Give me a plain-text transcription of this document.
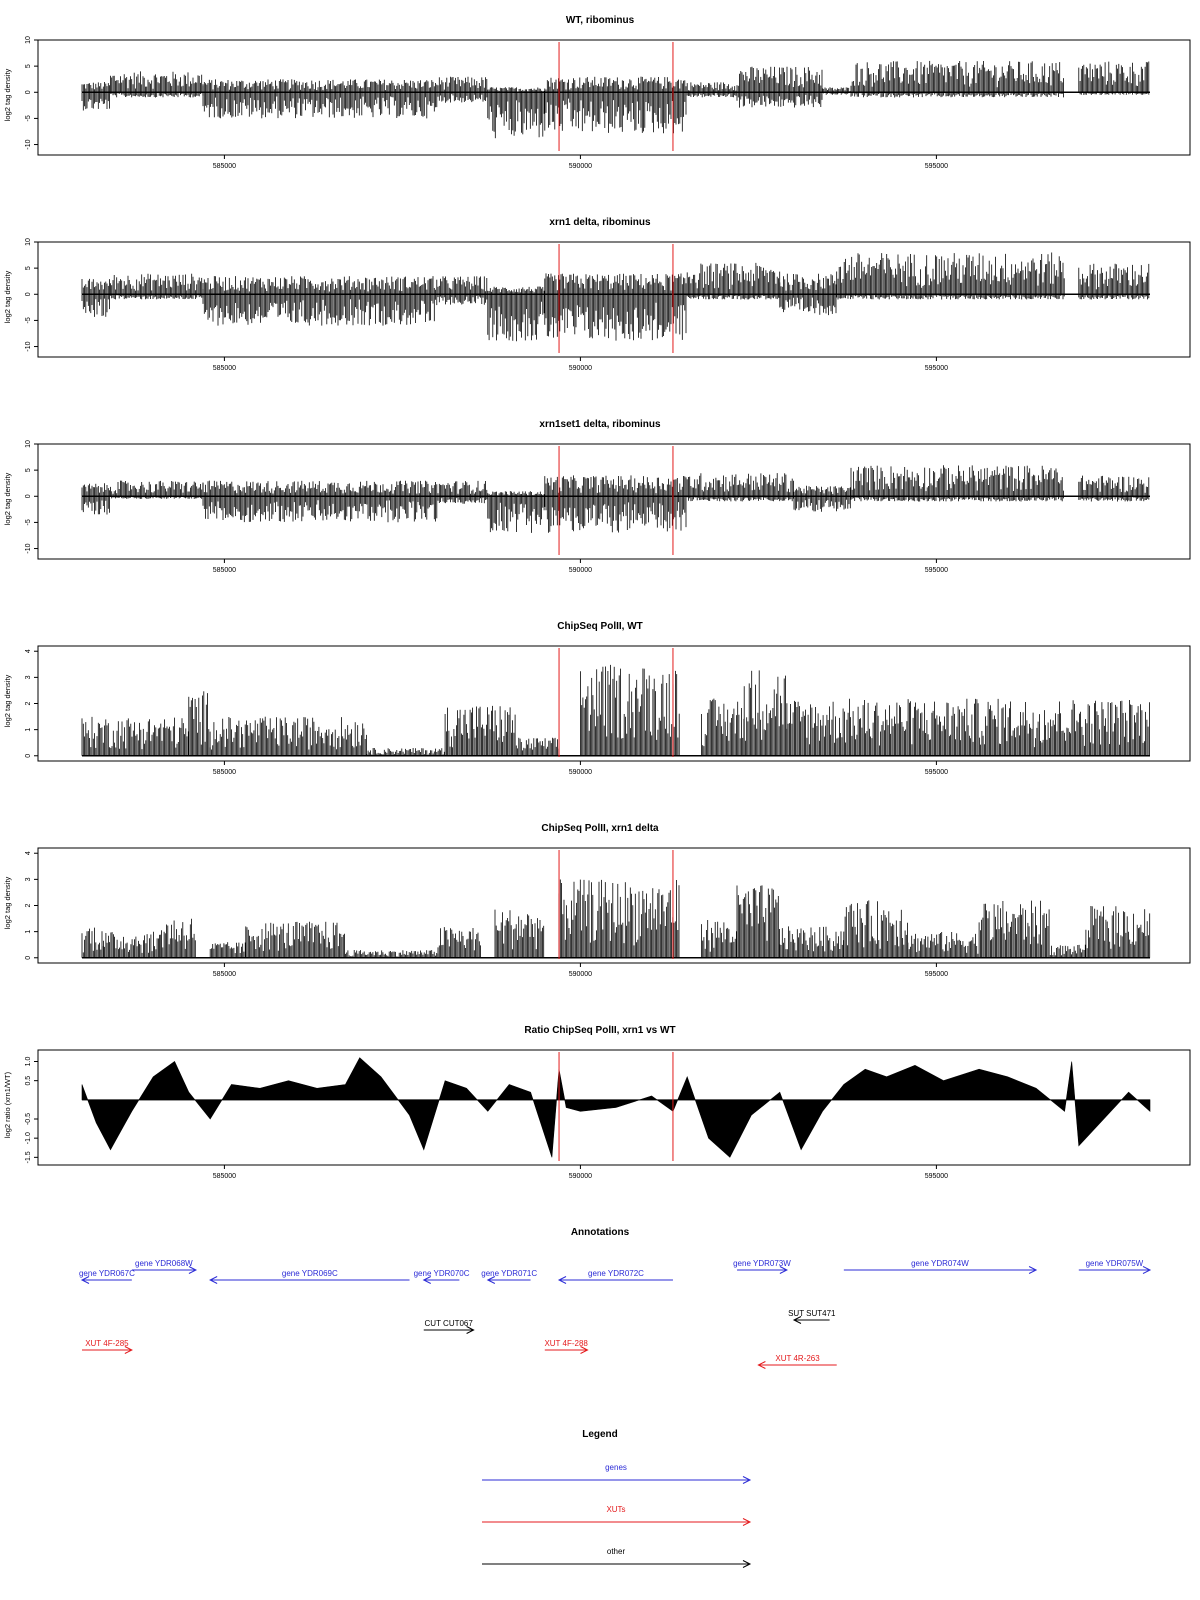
WT, ribominus
log2 tag density
10
5
0
-5
-10
585000	590000	595000
xrn1 delta, ribominus
log2 tag density
10
5
0
-5
-10
585000	590000	595000
xrn1set1 delta, ribominus
log2 tag density
10
5
0
-5
-10
585000	590000	595000
ChipSeq PolII, WT
log2 tag density
4
3
2
1
0
585000	590000	595000
ChipSeq PolII, xrn1 delta
log2 tag density
4
3
2
1
0
585000	590000	595000
Ratio ChipSeq PolII, xrn1 vs WT
log2 ratio (xrn1/WT)
1.0
0.5
-0.5
-1.0
-1.5
585000	590000	595000
Annotations
gene YDR067C
gene YDR068W
gene YDR069C	gene YDR070C gene YDR071C	gene YDR072C
gene YDR073W	gene YDR074W	gene YDR075W
CUT CUT067
SUT SUT471
XUT 4F-285	XUT 4F-288
XUT 4R-263
Legend
genes
XUTs
other
